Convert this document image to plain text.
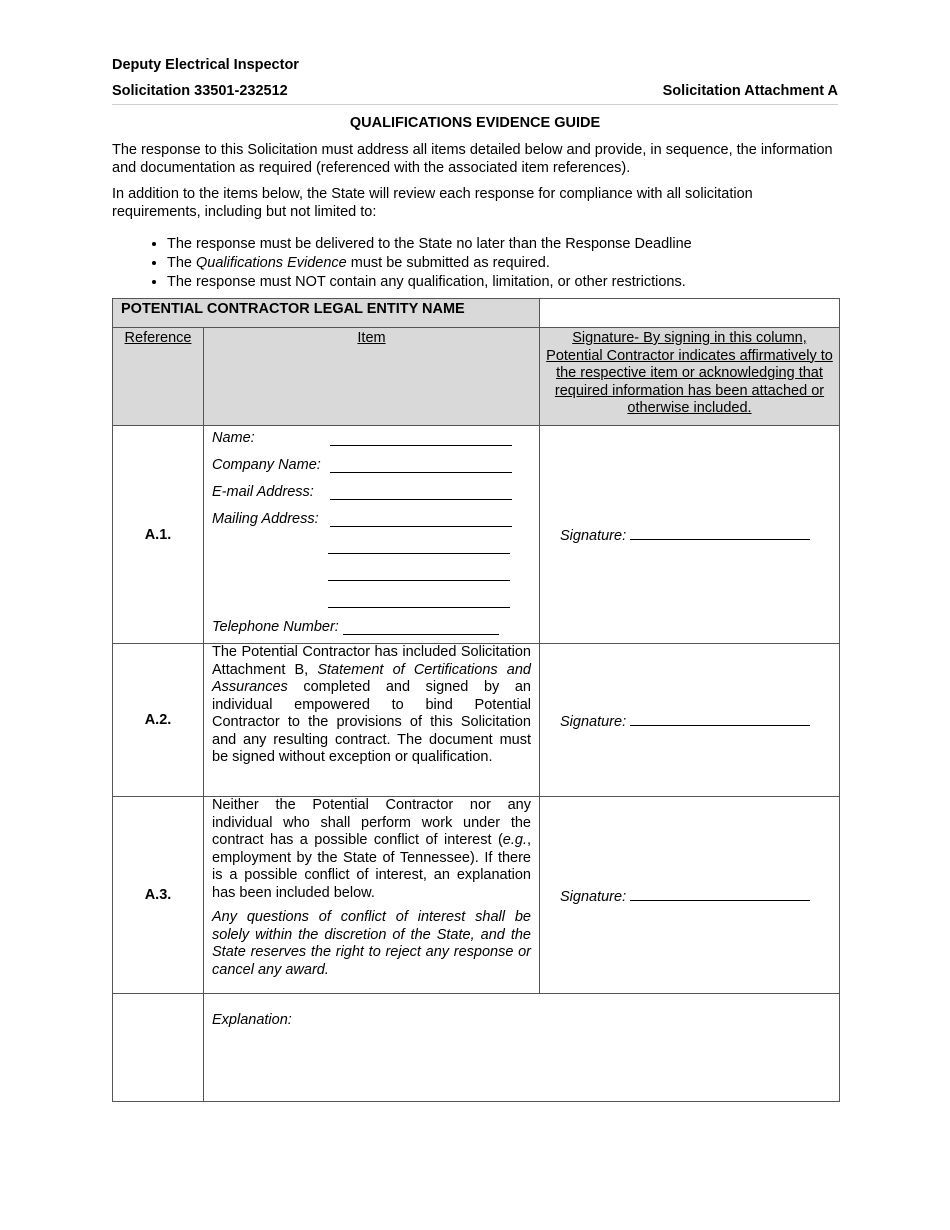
Deputy Electrical Inspector
Solicitation 33501-232512	Solicitation Attachment A
QUALIFICATIONS EVIDENCE GUIDE

The response to this Solicitation must address all items detailed below and provide, in sequence, the information and documentation as required (referenced with the associated item references).

In addition to the items below, the State will review each response for compliance with all solicitation requirements, including but not limited to:

• The response must be delivered to the State no later than the Response Deadline
• The Qualifications Evidence must be submitted as required.
• The response must NOT contain any qualification, limitation, or other restrictions.
POTENTIAL CONTRACTOR LEGAL ENTITY NAME		
Reference	Item	Signature- By signing in this column, Potential Contractor indicates affirmatively to the respective item or acknowledging that required information has been attached or otherwise included.
A.1.	Name:
Company Name:
E-mail Address:
Mailing Address:
Telephone Number:	Signature:
A.2.	The Potential Contractor has included Solicitation Attachment B, Statement of Certifications and Assurances completed and signed by an individual empowered to bind Potential Contractor to the provisions of this Solicitation and any resulting contract. The document must be signed without exception or qualification.	Signature:
A.3.	Neither the Potential Contractor nor any individual who shall perform work under the contract has a possible conflict of interest (e.g., employment by the State of Tennessee). If there is a possible conflict of interest, an explanation has been included below.
Any questions of conflict of interest shall be solely within the discretion of the State, and the State reserves the right to reject any response or cancel any award.	Signature:
	Explanation:	
